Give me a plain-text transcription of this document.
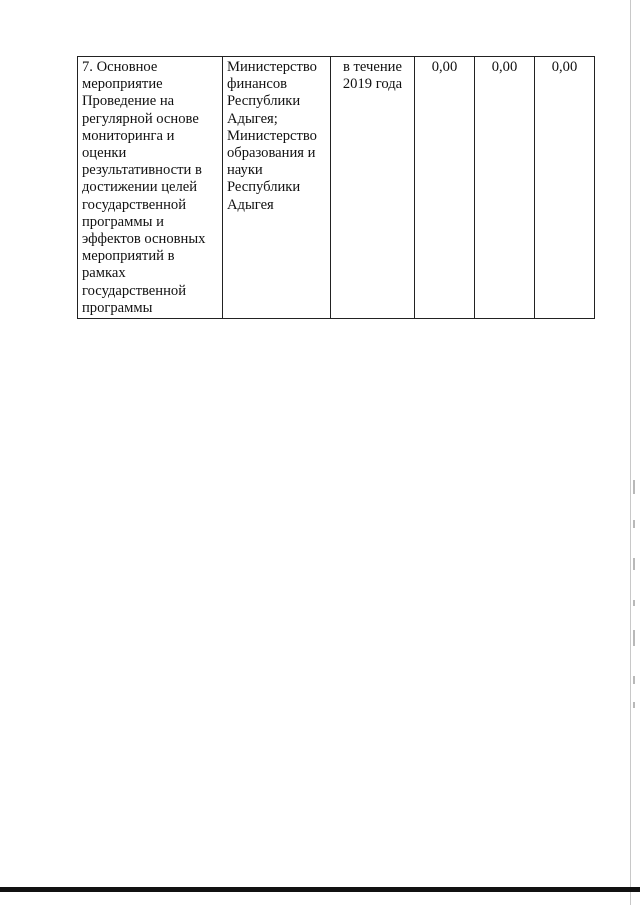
7. Основное
мероприятие
Проведение на
регулярной основе
мониторинга и
оценки
результативности в
достижении целей
государственной
программы и
эффектов основных
мероприятий в
рамках
государственной
программы	Министерство
финансов
Республики
Адыгея;
Министерство
образования и
науки
Республики
Адыгея	в течение
2019 года	0,00	0,00	0,00
